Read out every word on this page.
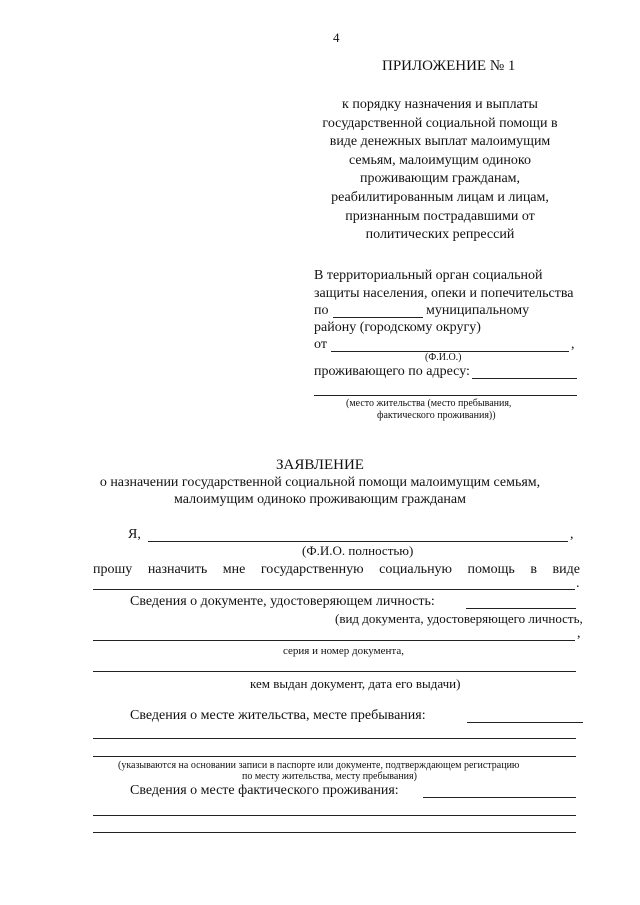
4
ПРИЛОЖЕНИЕ № 1
к порядку назначения и выплаты
государственной социальной помощи в
виде денежных выплат малоимущим
семьям, малоимущим одиноко
проживающим гражданам,
реабилитированным лицам и лицам,
признанным пострадавшими от
политических репрессий
В территориальный орган социальной
защиты населения, опеки и попечительства
по	муниципальному
району (городскому округу)
от	,
(Ф.И.О.)
проживающего по адресу:
(место жительства (место пребывания,
фактического проживания))
ЗАЯВЛЕНИЕ
о назначении государственной социальной помощи малоимущим семьям,
малоимущим одиноко проживающим гражданам
Я,	,
(Ф.И.О. полностью)
прошу назначить мне государственную социальную помощь в виде
.
Сведения о документе, удостоверяющем личность:
(вид документа, удостоверяющего личность,
,
серия и номер документа,
кем выдан документ, дата его выдачи)
Сведения о месте жительства, месте пребывания:
(указываются на основании записи в паспорте или документе, подтверждающем регистрацию
по месту жительства, месту пребывания)
Сведения о месте фактического проживания:
